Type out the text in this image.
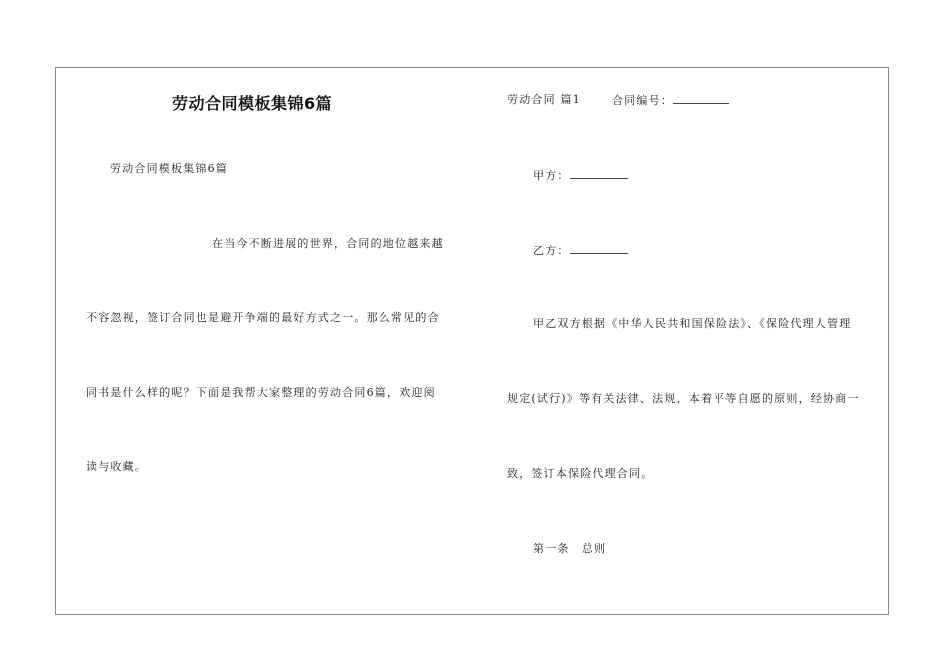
劳动合同模板集锦6篇
劳动合同模板集锦6篇
在当今不断进展的世界，合同的地位越来越
不容忽视，签订合同也是避开争端的最好方式之一。那么常见的合
同书是什么样的呢？下面是我帮大家整理的劳动合同6篇，欢迎阅
读与收藏。
劳动合同 篇1	合同编号：
甲方：
乙方：
甲乙双方根据《中华人民共和国保险法》、《保险代理人管理
规定(试行)》等有关法律、法规，本着平等自愿的原则，经协商一
致，签订本保险代理合同。
第一条　总则
